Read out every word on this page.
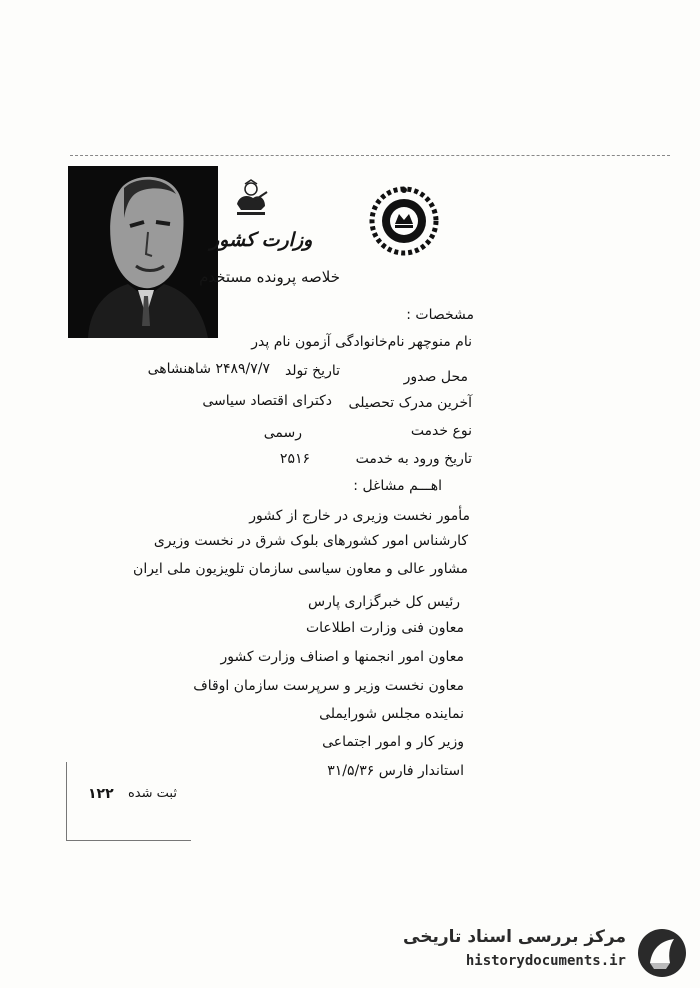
وزارت کشور
خلاصه پرونده مستخدم
مشخصات :
نام منوچهر نام‌خانوادگی آزمون نام پدر
محل صدور
تاریخ تولد
۲۴۸۹/۷/۷ شاهنشاهی
آخرین مدرک تحصیلی
دکترای اقتصاد سیاسی
نوع خدمت
رسمی
تاریخ ورود به خدمت
۲۵۱۶
اهـــم مشاغل :
مأمور نخست وزیری در خارج از کشور
کارشناس امور کشورهای بلوک شرق در نخست وزیری
مشاور عالی و معاون سیاسی سازمان تلویزیون ملی ایران
رئیس کل خبرگزاری پارس
معاون فنی وزارت اطلاعات
معاون امور انجمنها و اصناف وزارت کشور
معاون نخست وزیر و سرپرست سازمان اوقاف
نماینده مجلس شورایملی
وزیر کار و امور اجتماعی
استاندار فارس ۳۱/۵/۳۶
ثبت شده
۱۲۲
مرکز بررسی اسناد تاریخی
historydocuments.ir
